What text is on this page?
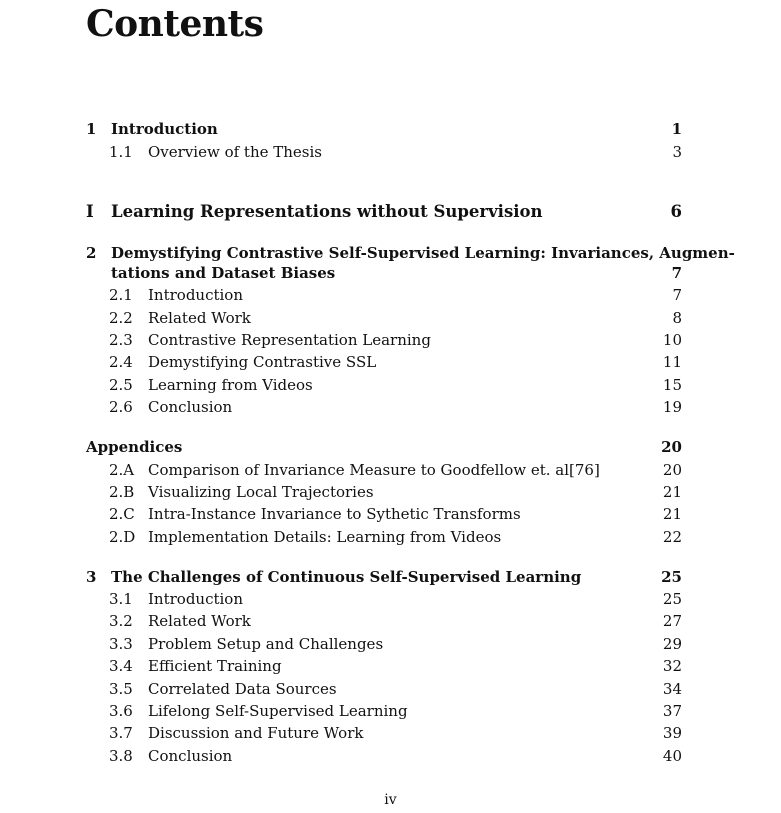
Contents
1 Introduction	1
1.1 Overview of the Thesis	3
I Learning Representations without Supervision	6
2 Demystifying Contrastive Self-Supervised Learning: Invariances, Augmen-
tations and Dataset Biases	7
2.1 Introduction	7
2.2 Related Work	8
2.3 Contrastive Representation Learning	10
2.4 Demystifying Contrastive SSL	11
2.5 Learning from Videos	15
2.6 Conclusion	19
Appendices	20
2.A Comparison of Invariance Measure to Goodfellow et. al[76]	20
2.B Visualizing Local Trajectories	21
2.C Intra-Instance Invariance to Sythetic Transforms	21
2.D Implementation Details: Learning from Videos	22
3 The Challenges of Continuous Self-Supervised Learning	25
3.1 Introduction	25
3.2 Related Work	27
3.3 Problem Setup and Challenges	29
3.4 Efficient Training	32
3.5 Correlated Data Sources	34
3.6 Lifelong Self-Supervised Learning	37
3.7 Discussion and Future Work	39
3.8 Conclusion	40
iv
